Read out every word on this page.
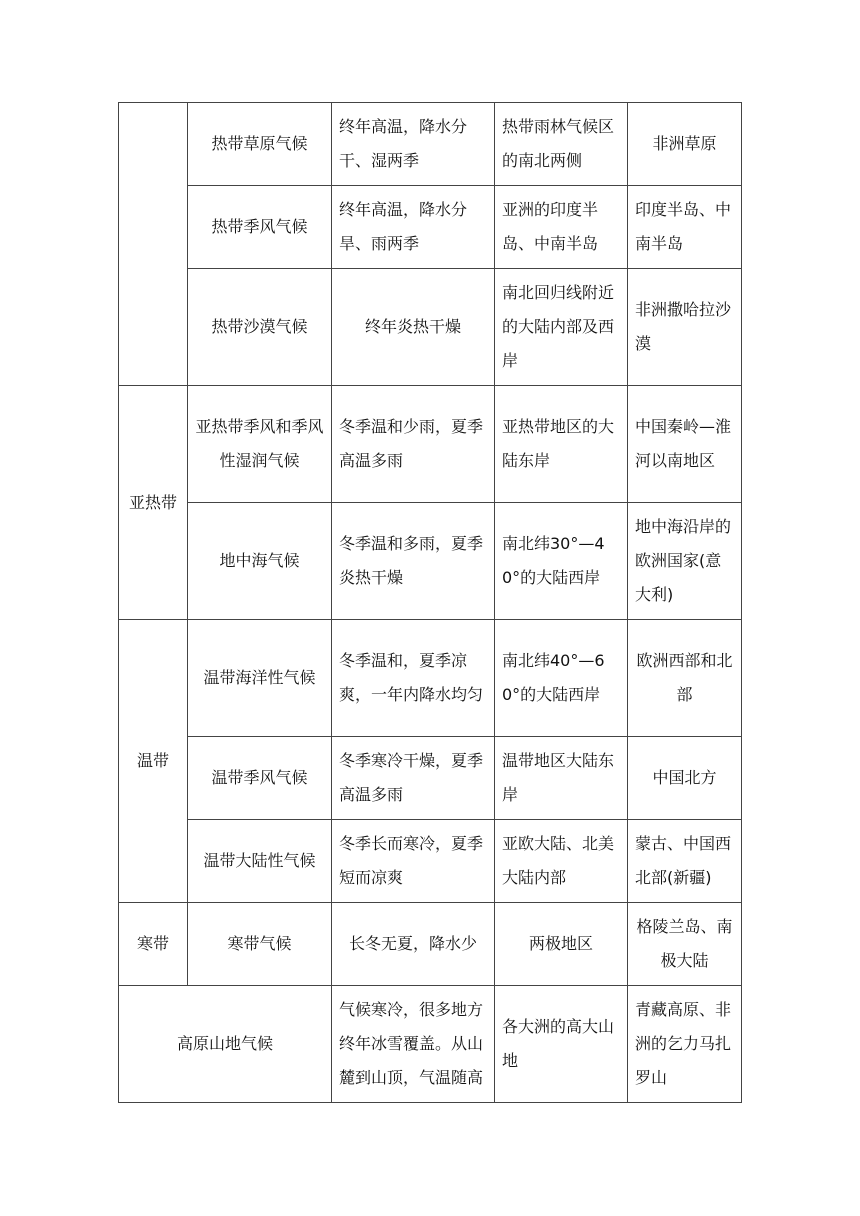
	热带草原气候	终年高温，降水分干、湿两季	热带雨林气候区的南北两侧	非洲草原
	热带季风气候	终年高温，降水分旱、雨两季	亚洲的印度半岛、中南半岛	印度半岛、中南半岛
	热带沙漠气候	终年炎热干燥	南北回归线附近的大陆内部及西岸	非洲撒哈拉沙漠
亚热带	亚热带季风和季风性湿润气候	冬季温和少雨，夏季高温多雨	亚热带地区的大陆东岸	中国秦岭—淮河以南地区
	地中海气候	冬季温和多雨，夏季炎热干燥	南北纬30°—40°的大陆西岸	地中海沿岸的欧洲国家(意大利)
温带	温带海洋性气候	冬季温和，夏季凉爽，一年内降水均匀	南北纬40°—60°的大陆西岸	欧洲西部和北部
	温带季风气候	冬季寒冷干燥，夏季高温多雨	温带地区大陆东岸	中国北方
	温带大陆性气候	冬季长而寒冷，夏季短而凉爽	亚欧大陆、北美大陆内部	蒙古、中国西北部(新疆)
寒带	寒带气候	长冬无夏，降水少	两极地区	格陵兰岛、南极大陆
高原山地气候		气候寒冷，很多地方终年冰雪覆盖。从山麓到山顶，气温随高	各大洲的高大山地	青藏高原、非洲的乞力马扎罗山
